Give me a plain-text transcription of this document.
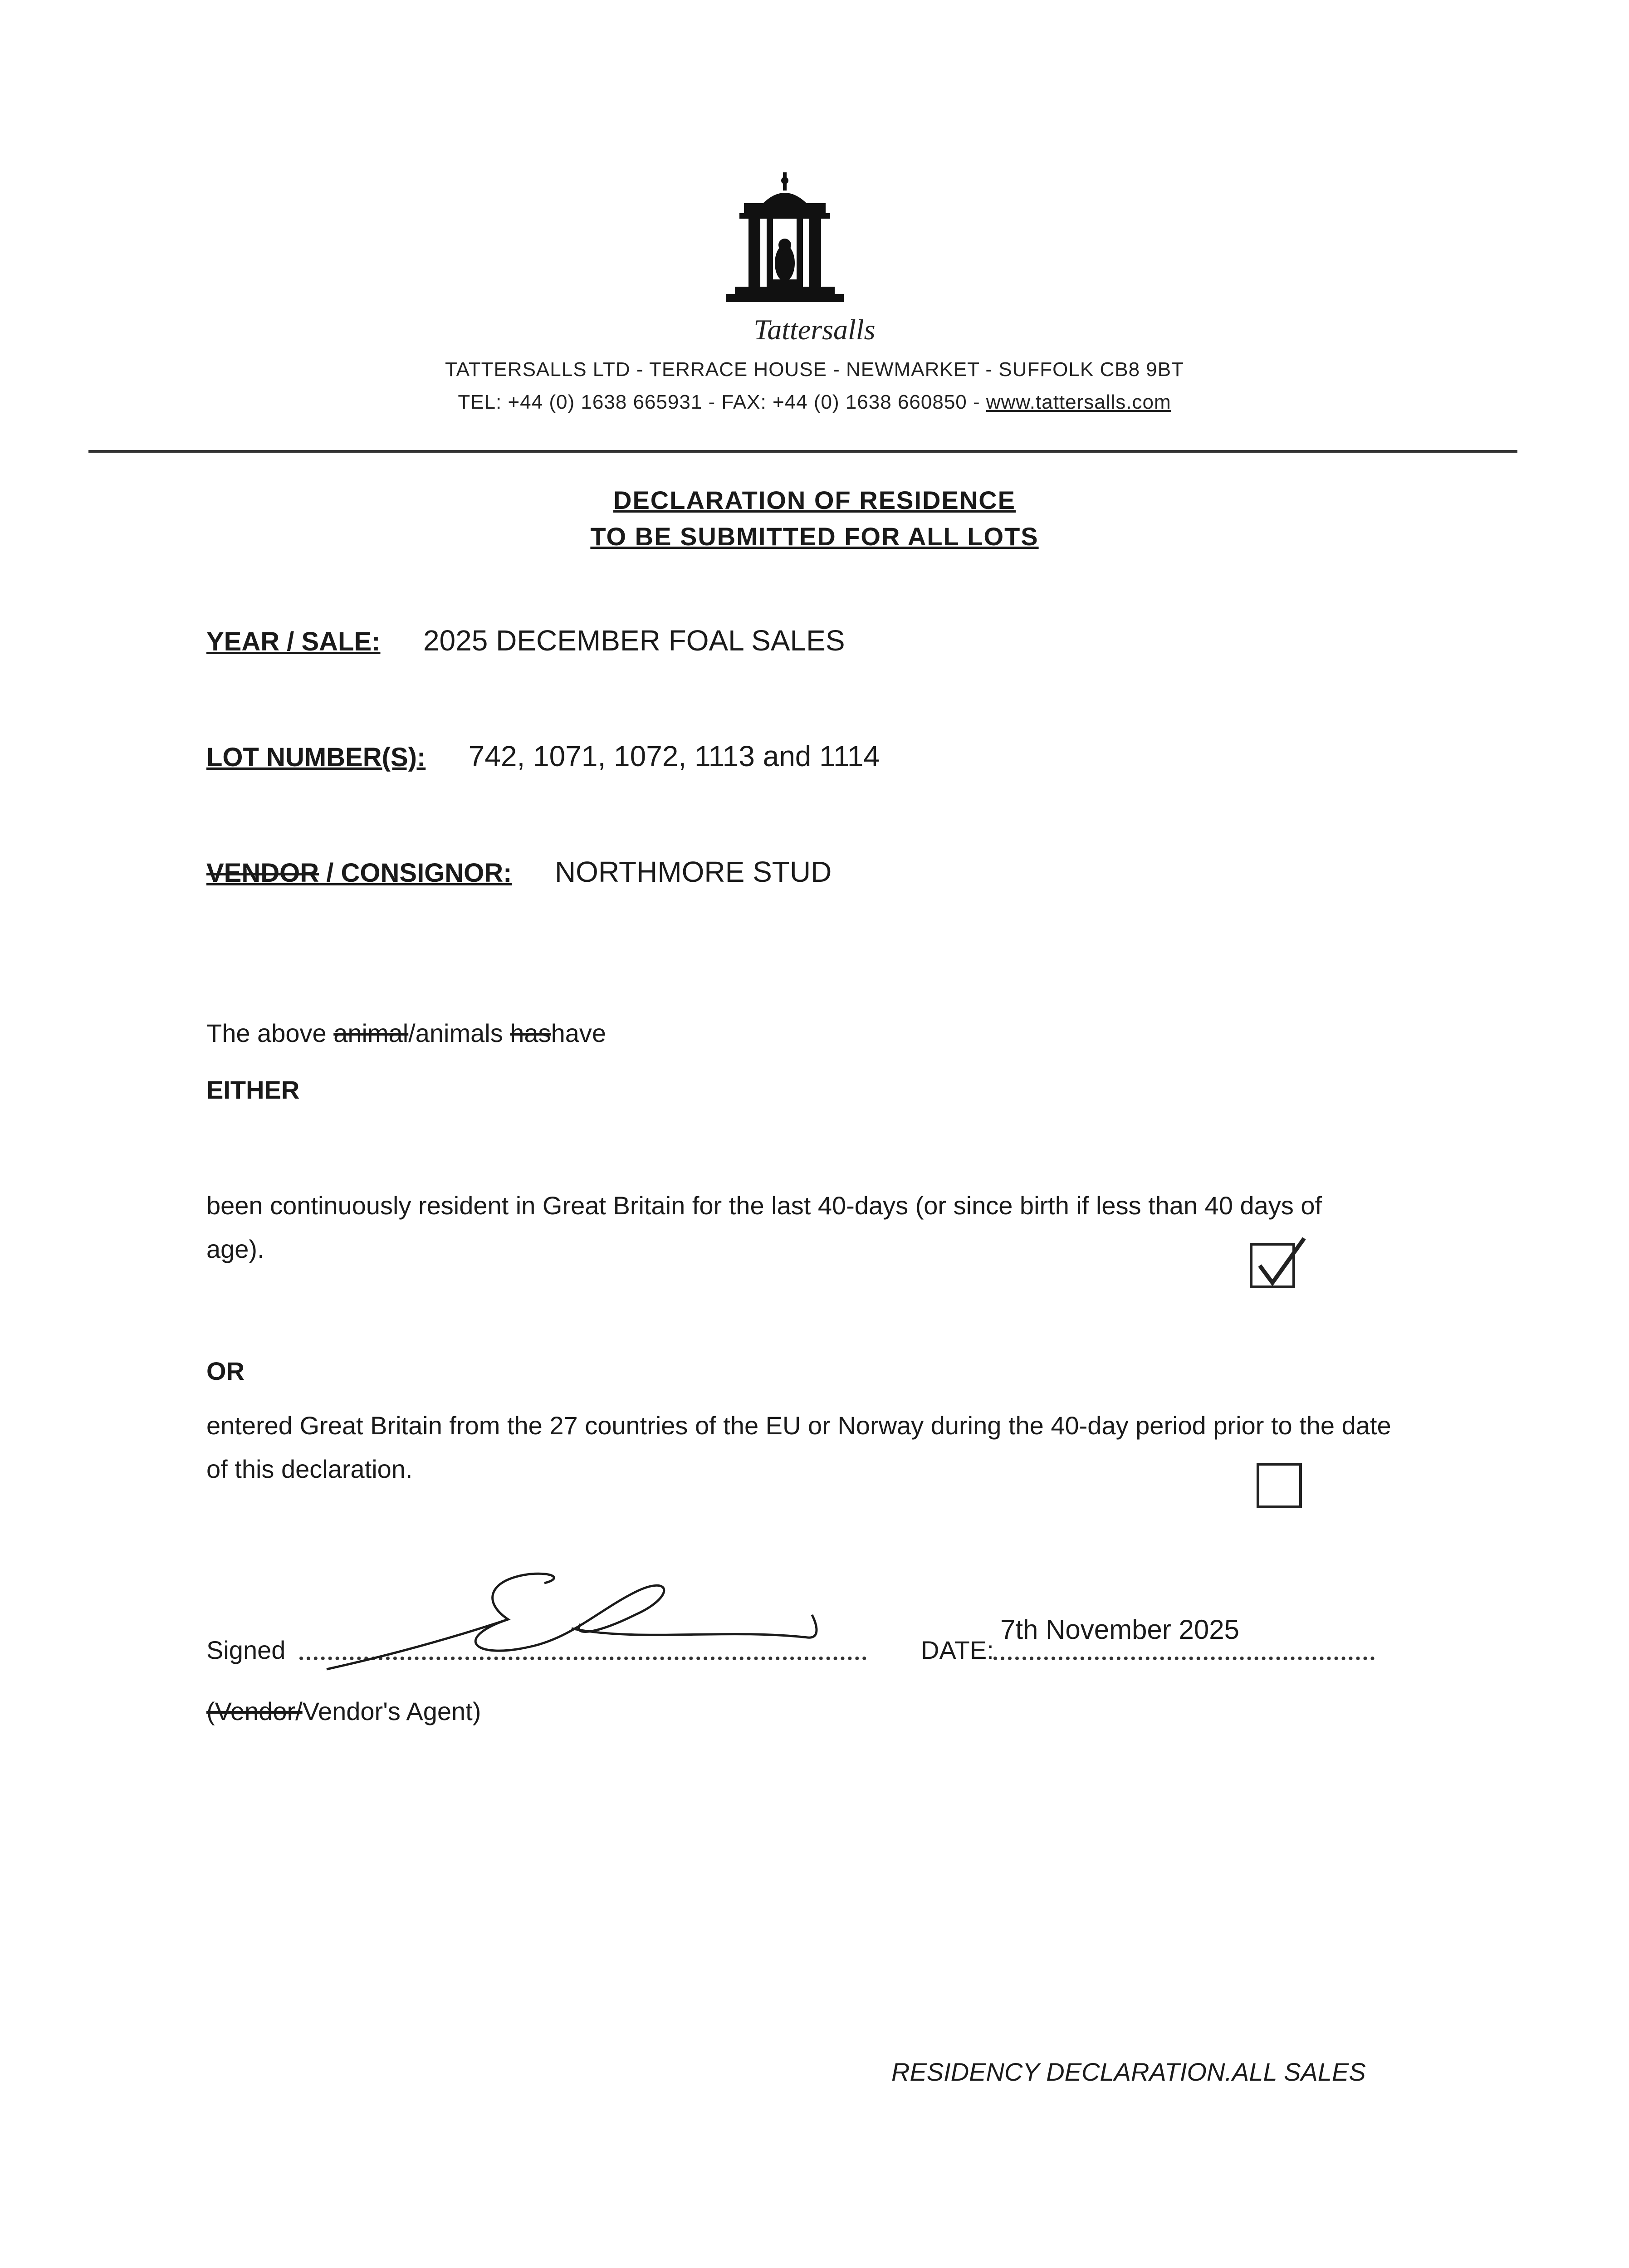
Tattersalls
TATTERSALLS LTD - TERRACE HOUSE - NEWMARKET - SUFFOLK CB8 9BT
TEL: +44 (0) 1638 665931 - FAX: +44 (0) 1638 660850 - www.tattersalls.com
DECLARATION OF RESIDENCE
TO BE SUBMITTED FOR ALL LOTS
YEAR / SALE: 2025 DECEMBER FOAL SALES
LOT NUMBER(S): 742, 1071, 1072, 1113 and 1114
VENDOR / CONSIGNOR: NORTHMORE STUD
The above animal/animals hashave
EITHER
been continuously resident in Great Britain for the last 40-days (or since birth if less than 40 days of age).
OR
entered Great Britain from the 27 countries of the EU or Norway during the 40-day period prior to the date of this declaration.
Signed	DATE:
7th November 2025
(Vendor/Vendor's Agent)
RESIDENCY DECLARATION.ALL SALES
